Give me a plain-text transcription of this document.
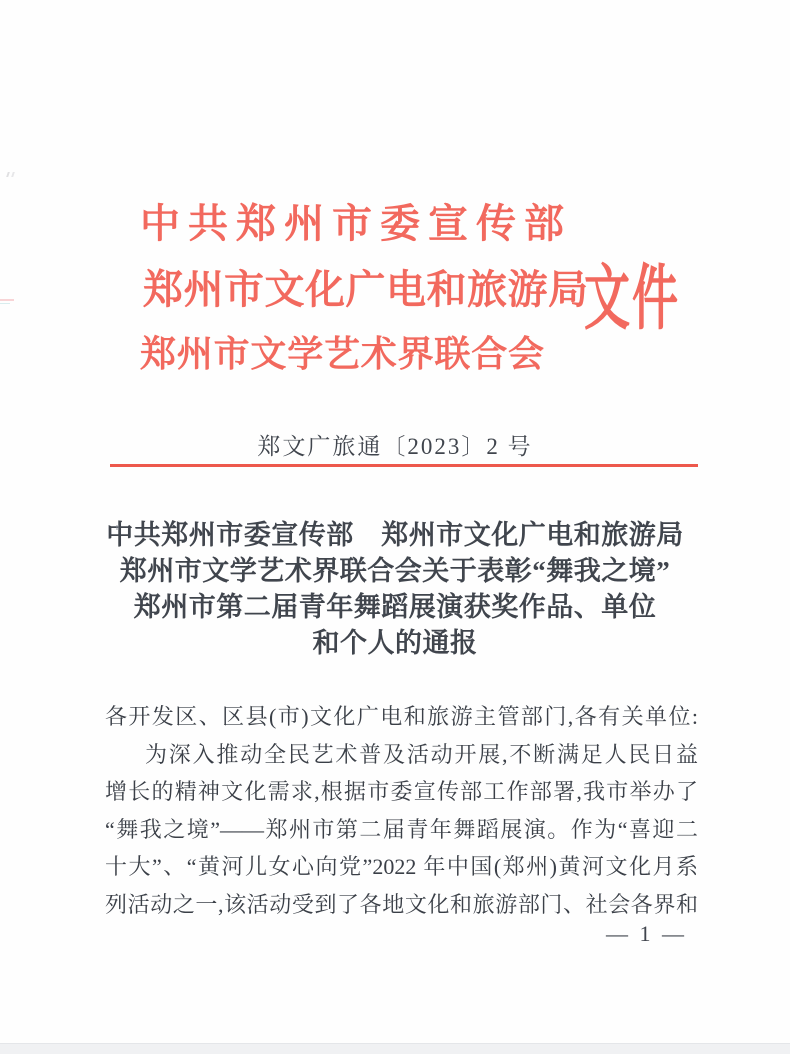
中共郑州市委宣传部
郑州市文化广电和旅游局
郑州市文学艺术界联合会
文件
郑文广旅通〔2023〕2 号
中共郑州市委宣传部　郑州市文化广电和旅游局
郑州市文学艺术界联合会关于表彰“舞我之境”
郑州市第二届青年舞蹈展演获奖作品、单位
和个人的通报
各开发区、区县(市)文化广电和旅游主管部门,各有关单位:
为深入推动全民艺术普及活动开展,不断满足人民日益
增长的精神文化需求,根据市委宣传部工作部署,我市举办了
“舞我之境”——郑州市第二届青年舞蹈展演。作为“喜迎二
十大”、“黄河儿女心向党”2022 年中国(郑州)黄河文化月系
列活动之一,该活动受到了各地文化和旅游部门、社会各界和
— 1 —
